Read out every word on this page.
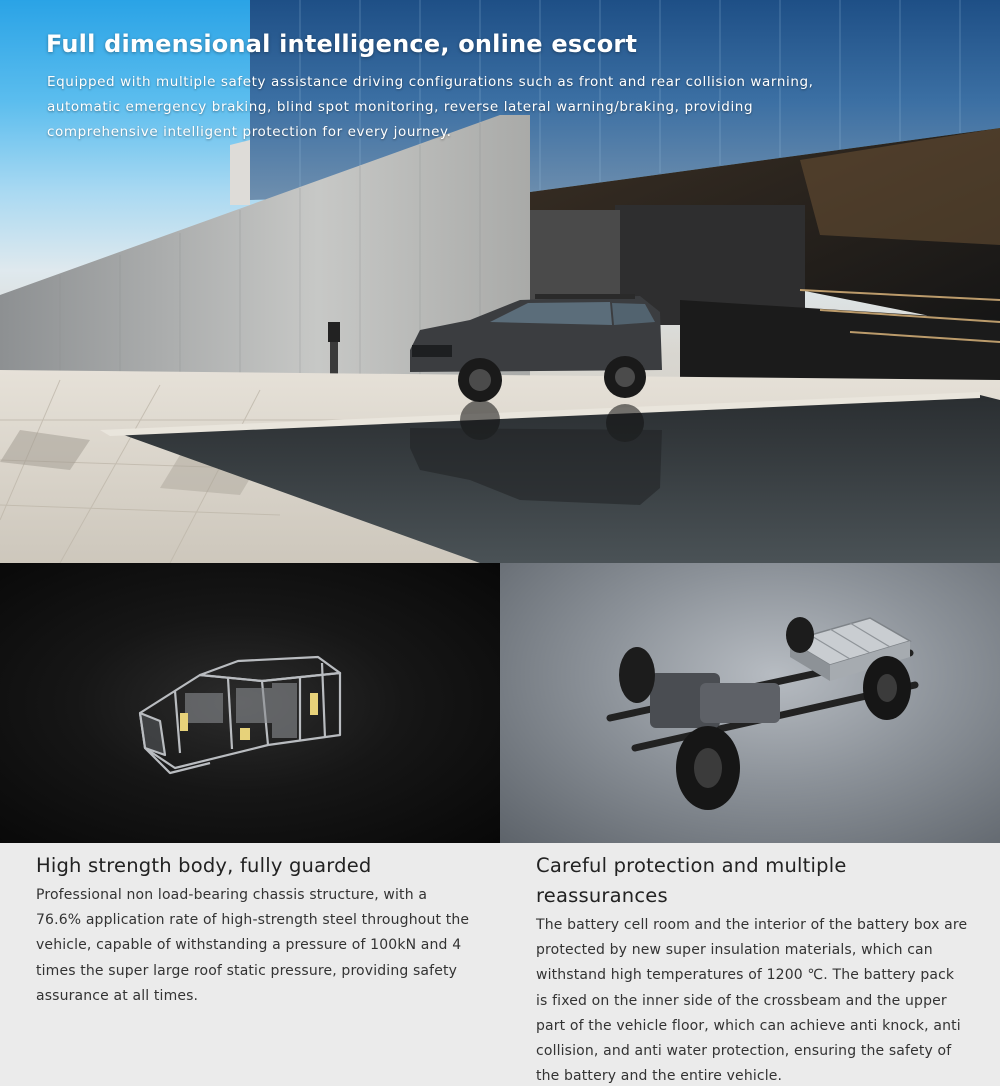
Full dimensional intelligence, online escort

Equipped with multiple safety assistance driving configurations such as front and rear collision warning, automatic emergency braking, blind spot monitoring, reverse lateral warning/braking, providing comprehensive intelligent protection for every journey.

High strength body, fully guarded

Professional non load-bearing chassis structure, with a 76.6% application rate of high-strength steel throughout the vehicle, capable of withstanding a pressure of 100kN and 4 times the super large roof static pressure, providing safety assurance at all times.

Careful protection and multiple reassurances

The battery cell room and the interior of the battery box are protected by new super insulation materials, which can withstand high temperatures of 1200 ℃. The battery pack is fixed on the inner side of the crossbeam and the upper part of the vehicle floor, which can achieve anti knock, anti collision, and anti water protection, ensuring the safety of the battery and the entire vehicle.
